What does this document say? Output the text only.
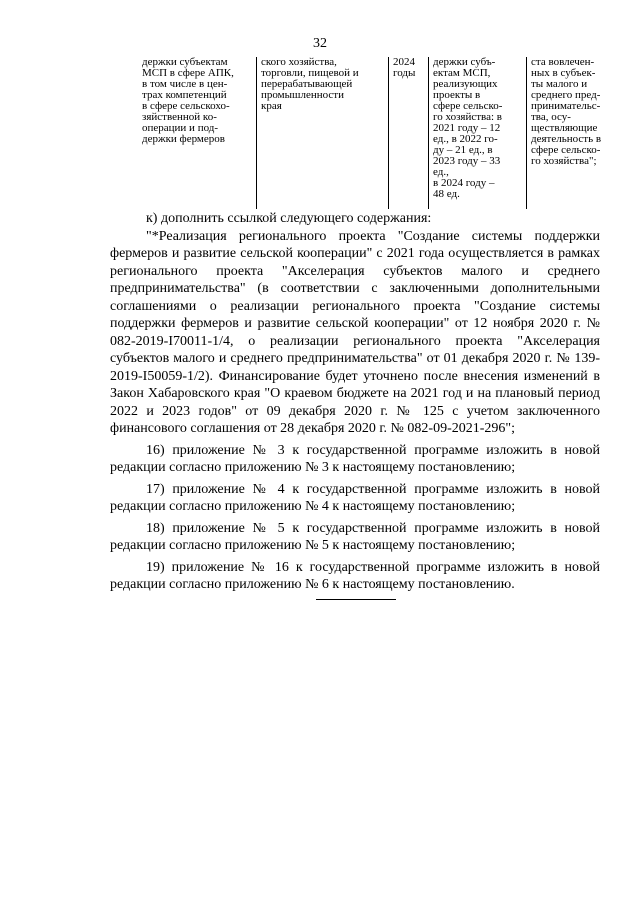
32
держки субъектам
МСП в сфере АПК,
в том числе в цен-
трах компетенций
в сфере сельскохо-
зяйственной ко-
операции и под-
держки фермеров
ского хозяйства,
торговли, пищевой и
перерабатывающей
промышленности
края
2024
годы
держки субъ-
ектам МСП,
реализующих
проекты в
сфере сельско-
го хозяйства: в
2021 году – 12
ед., в 2022 го-
ду – 21 ед., в
2023 году – 33
ед.,
в 2024 году –
48 ед.
ста вовлечен-
ных в субъек-
ты малого и
среднего пред-
принимательс-
тва, осу-
ществляющие
деятельность в
сфере сельско-
го хозяйства";

к) дополнить ссылкой следующего содержания:

"*Реализация регионального проекта "Создание системы поддержки фермеров и развитие сельской кооперации" с 2021 года осуществляется в рамках регионального проекта "Акселерация субъектов малого и среднего предпринимательства" (в соответствии с заключенными дополнительными соглашениями о реализации регионального проекта "Создание системы поддержки фермеров и развитие сельской кооперации" от 12 ноября 2020 г. № 082-2019-I70011-1/4, о реализации регионального проекта "Акселерация субъектов малого и среднего предпринимательства" от 01 декабря 2020 г. № 139-2019-I50059-1/2). Финансирование будет уточнено после внесения изменений в Закон Хабаровского края "О краевом бюджете на 2021 год и на плановый период 2022 и 2023 годов" от 09 декабря 2020 г. № 125 с учетом заключенного финансового соглашения от 28 декабря 2020 г. № 082-09-2021-296";

16) приложение № 3 к государственной программе изложить в новой редакции согласно приложению № 3 к настоящему постановлению;

17) приложение № 4 к государственной программе изложить в новой редакции согласно приложению № 4 к настоящему постановлению;

18) приложение № 5 к государственной программе изложить в новой редакции согласно приложению № 5 к настоящему постановлению;

19) приложение № 16 к государственной программе изложить в новой редакции согласно приложению № 6 к настоящему постановлению.
